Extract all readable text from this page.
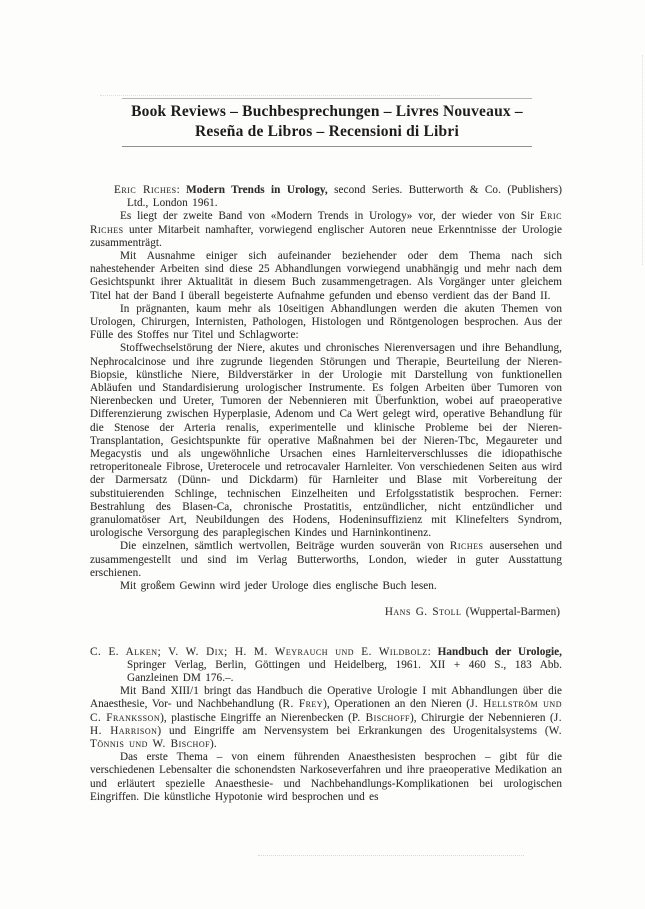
Book Reviews – Buchbesprechungen – Livres Nouveaux –
Reseña de Libros – Recensioni di Libri

Eric Riches: Modern Trends in Urology, second Series. Butterworth & Co. (Publishers) Ltd., London 1961.

Es liegt der zweite Band von «Modern Trends in Urology» vor, der wieder von Sir Eric Riches unter Mitarbeit namhafter, vorwiegend englischer Autoren neue Erkenntnisse der Urologie zusammenträgt.

Mit Ausnahme einiger sich aufeinander beziehender oder dem Thema nach sich nahestehender Arbeiten sind diese 25 Abhandlungen vorwiegend unabhängig und mehr nach dem Gesichtspunkt ihrer Aktualität in diesem Buch zusammengetragen. Als Vorgänger unter gleichem Titel hat der Band I überall begeisterte Aufnahme gefunden und ebenso verdient das der Band II.

In prägnanten, kaum mehr als 10seitigen Abhandlungen werden die akuten Themen von Urologen, Chirurgen, Internisten, Pathologen, Histologen und Röntgenologen besprochen. Aus der Fülle des Stoffes nur Titel und Schlagworte:

Stoffwechselstörung der Niere, akutes und chronisches Nierenversagen und ihre Behandlung, Nephrocalcinose und ihre zugrunde liegenden Störungen und Therapie, Beurteilung der Nieren-Biopsie, künstliche Niere, Bildverstärker in der Urologie mit Darstellung von funktionellen Abläufen und Standardisierung urologischer Instrumente. Es folgen Arbeiten über Tumoren von Nierenbecken und Ureter, Tumoren der Nebennieren mit Überfunktion, wobei auf praeoperative Differenzierung zwischen Hyperplasie, Adenom und Ca Wert gelegt wird, operative Behandlung für die Stenose der Arteria renalis, experimentelle und klinische Probleme bei der Nieren-Transplantation, Gesichtspunkte für operative Maßnahmen bei der Nieren-Tbc, Megaureter und Megacystis und als ungewöhnliche Ursachen eines Harnleiterverschlusses die idiopathische retroperitoneale Fibrose, Ureterocele und retrocavaler Harnleiter. Von verschiedenen Seiten aus wird der Darmersatz (Dünn- und Dickdarm) für Harnleiter und Blase mit Vorbereitung der substituierenden Schlinge, technischen Einzelheiten und Erfolgsstatistik besprochen. Ferner: Bestrahlung des Blasen-Ca, chronische Prostatitis, entzündlicher, nicht entzündlicher und granulomatöser Art, Neubildungen des Hodens, Hodeninsuffizienz mit Klinefelters Syndrom, urologische Versorgung des paraplegischen Kindes und Harninkontinenz.

Die einzelnen, sämtlich wertvollen, Beiträge wurden souverän von Riches ausersehen und zusammengestellt und sind im Verlag Butterworths, London, wieder in guter Ausstattung erschienen.

Mit großem Gewinn wird jeder Urologe dies englische Buch lesen.

Hans G. Stoll (Wuppertal-Barmen)

C. E. Alken; V. W. Dix; H. M. Weyrauch und E. Wildbolz: Handbuch der Urologie, Springer Verlag, Berlin, Göttingen und Heidelberg, 1961. XII + 460 S., 183 Abb. Ganzleinen DM 176.–.

Mit Band XIII/1 bringt das Handbuch die Operative Urologie I mit Abhandlungen über die Anaesthesie, Vor- und Nachbehandlung (R. Frey), Operationen an den Nieren (J. Hellström und C. Franksson), plastische Eingriffe an Nierenbecken (P. Bischoff), Chirurgie der Nebennieren (J. H. Harrison) und Eingriffe am Nervensystem bei Erkrankungen des Urogenitalsystems (W. Tönnis und W. Bischof).

Das erste Thema – von einem führenden Anaesthesisten besprochen – gibt für die verschiedenen Lebensalter die schonendsten Narkoseverfahren und ihre praeoperative Medikation an und erläutert spezielle Anaesthesie- und Nachbehandlungs-Komplikationen bei urologischen Eingriffen. Die künstliche Hypotonie wird besprochen und es
